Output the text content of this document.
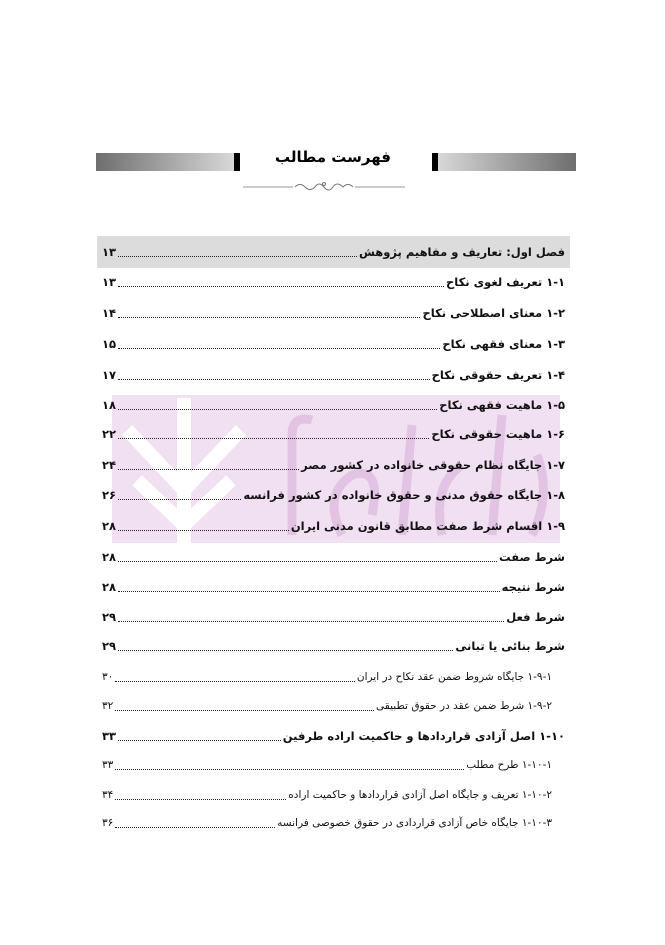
فهرست مطالب
فصل اول: تعاریف و مفاهیم پژوهش
۱۳
۱-۱ تعریف لغوی نکاح
۱۳
۱-۲ معنای اصطلاحی نکاح
۱۴
۱-۳ معنای فقهی نکاح
۱۵
۱-۴ تعریف حقوقی نکاح
۱۷
۱-۵ ماهیت فقهی نکاح
۱۸
۱-۶ ماهیت حقوقی نکاح
۲۲
۱-۷ جایگاه نظام حقوقی خانواده در کشور مصر
۲۴
۱-۸ جایگاه حقوق مدنی و حقوق خانواده در کشور فرانسه
۲۶
۱-۹ اقسام شرط صفت مطابق قانون مدنی ایران
۲۸
شرط صفت
۲۸
شرط نتیجه
۲۸
شرط فعل
۲۹
شرط بنائی یا تبانی
۲۹
۱-۹-۱ جایگاه شروط ضمن عقد نکاح در ایران
۳۰
۱-۹-۲ شرط ضمن عقد در حقوق تطبیقی
۳۲
۱-۱۰ اصل آزادی قراردادها و حاکمیت اراده طرفین
۳۳
۱-۱۰-۱ طرح مطلب
۳۳
۱-۱۰-۲ تعریف و جایگاه اصل آزادی قراردادها و حاکمیت اراده
۳۴
۱-۱۰-۳ جایگاه خاص آزادی قراردادی در حقوق خصوصی فرانسه
۳۶
